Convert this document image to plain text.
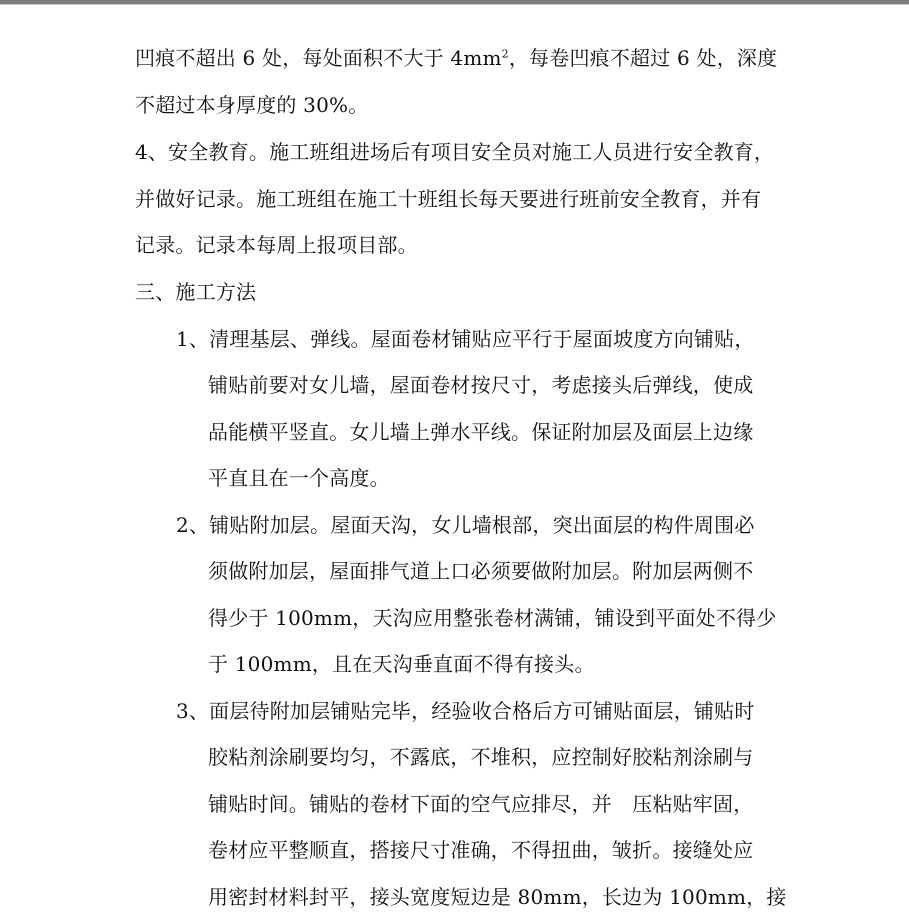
凹痕不超出 6 处，每处面积不大于 $4mm^2$，每卷凹痕不超过 6 处，深度
不超过本身厚度的 30%。
4、安全教育。施工班组进场后有项目安全员对施工人员进行安全教育，
并做好记录。施工班组在施工十班组长每天要进行班前安全教育，并有
记录。记录本每周上报项目部。
三、施工方法
1、清理基层、弹线。屋面卷材铺贴应平行于屋面坡度方向铺贴，
铺贴前要对女儿墙，屋面卷材按尺寸，考虑接头后弹线，使成
品能横平竖直。女儿墙上弹水平线。保证附加层及面层上边缘
平直且在一个高度。
2、铺贴附加层。屋面天沟，女儿墙根部，突出面层的构件周围必
须做附加层，屋面排气道上口必须要做附加层。附加层两侧不
得少于 100mm，天沟应用整张卷材满铺，铺设到平面处不得少
于 100mm，且在天沟垂直面不得有接头。
3、面层待附加层铺贴完毕，经验收合格后方可铺贴面层，铺贴时
胶粘剂涂刷要均匀，不露底，不堆积，应控制好胶粘剂涂刷与
铺贴时间。铺贴的卷材下面的空气应排尽，并　压粘贴牢固，
卷材应平整顺直，搭接尺寸准确，不得扭曲，皱折。接缝处应
用密封材料封平，接头宽度短边是 80mm，长边为 100mm，接
